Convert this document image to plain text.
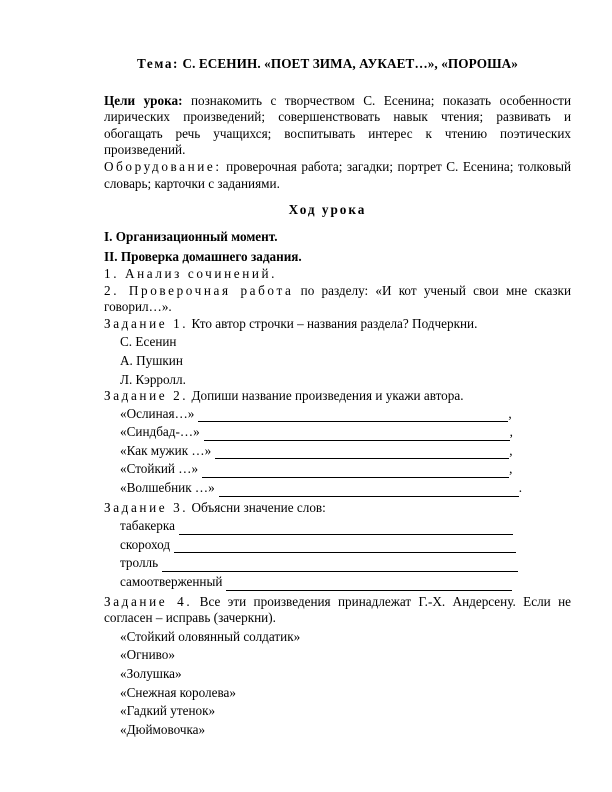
Тема: С. ЕСЕНИН. «ПОЕТ ЗИМА, АУКАЕТ…», «ПОРОША»

Цели урока: познакомить с творчеством С. Есенина; показать особенности лирических произведений; совершенствовать навык чтения; развивать и обогащать речь учащихся; воспитывать интерес к чтению поэтических произведений.

Оборудование: проверочная работа; загадки; портрет С. Есенина; толковый словарь; карточки с заданиями.

Ход урока

I. Организационный момент.

II. Проверка домашнего задания.

1. Анализ сочинений.

2. Проверочная работа по разделу: «И кот ученый свои мне сказки говорил…».

Задание 1. Кто автор строчки – названия раздела? Подчеркни.

С. Есенин

А. Пушкин

Л. Кэрролл.

Задание 2. Допиши название произведения и укажи автора.

«Ослиная…»	,
«Синдбад-…»	,
«Как мужик …»	,
«Стойкий …»	,
«Волшебник …»	.

Задание 3. Объясни значение слов:

табакерка
скороход
тролль
самоотверженный

Задание 4. Все эти произведения принадлежат Г.-Х. Андерсену. Если не согласен – исправь (зачеркни).

«Стойкий оловянный солдатик»

«Огниво»

«Золушка»

«Снежная королева»

«Гадкий утенок»

«Дюймовочка»
